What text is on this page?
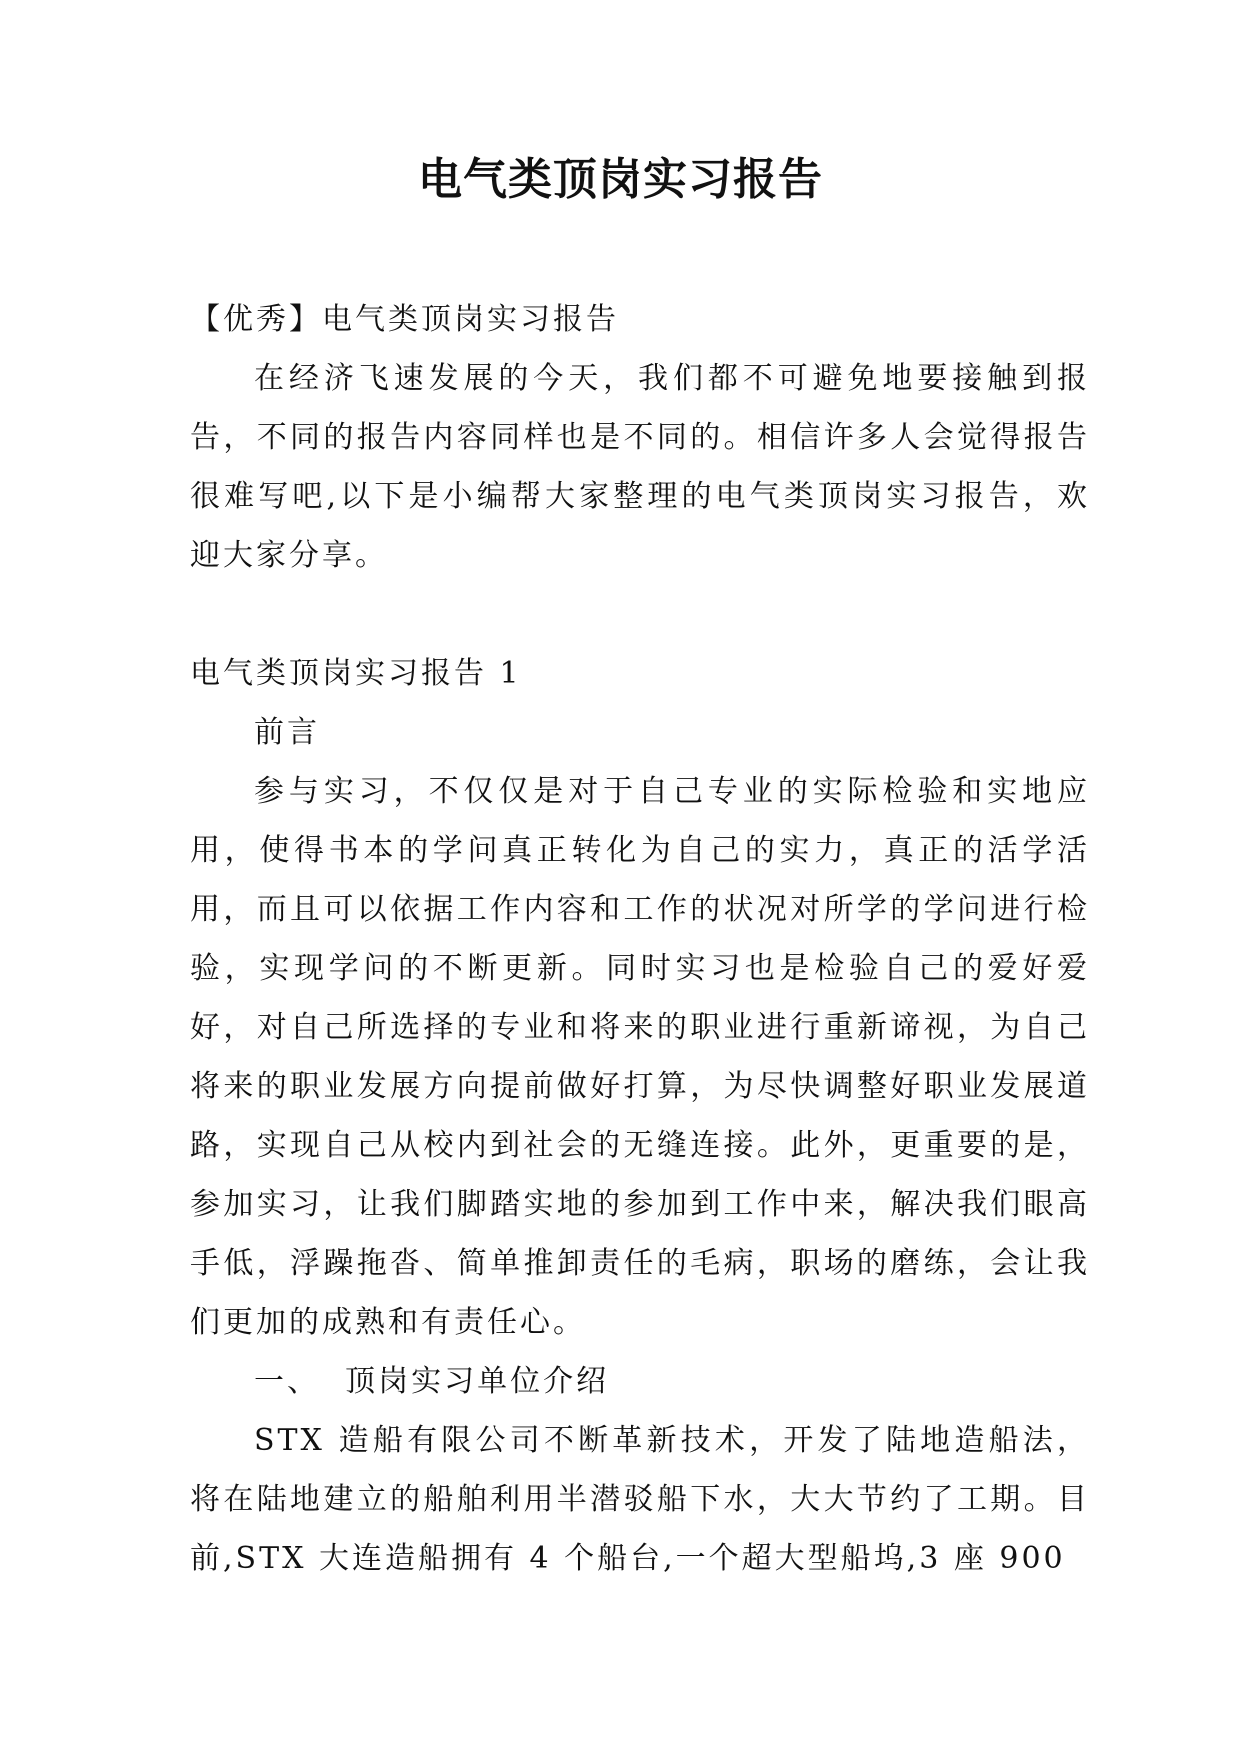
电气类顶岗实习报告

【优秀】电气类顶岗实习报告

在经济飞速发展的今天，我们都不可避免地要接触到报告，不同的报告内容同样也是不同的。相信许多人会觉得报告很难写吧,以下是小编帮大家整理的电气类顶岗实习报告，欢迎大家分享。

电气类顶岗实习报告 1

前言

参与实习，不仅仅是对于自己专业的实际检验和实地应用，使得书本的学问真正转化为自己的实力，真正的活学活用，而且可以依据工作内容和工作的状况对所学的学问进行检验，实现学问的不断更新。同时实习也是检验自己的爱好爱好，对自己所选择的专业和将来的职业进行重新谛视，为自己将来的职业发展方向提前做好打算，为尽快调整好职业发展道路，实现自己从校内到社会的无缝连接。此外，更重要的是，参加实习，让我们脚踏实地的参加到工作中来，解决我们眼高手低，浮躁拖沓、简单推卸责任的毛病，职场的磨练，会让我们更加的成熟和有责任心。

一、  顶岗实习单位介绍

STX 造船有限公司不断革新技术，开发了陆地造船法，将在陆地建立的船舶利用半潜驳船下水，大大节约了工期。目前,STX 大连造船拥有 4 个船台,一个超大型船坞,3 座 900
